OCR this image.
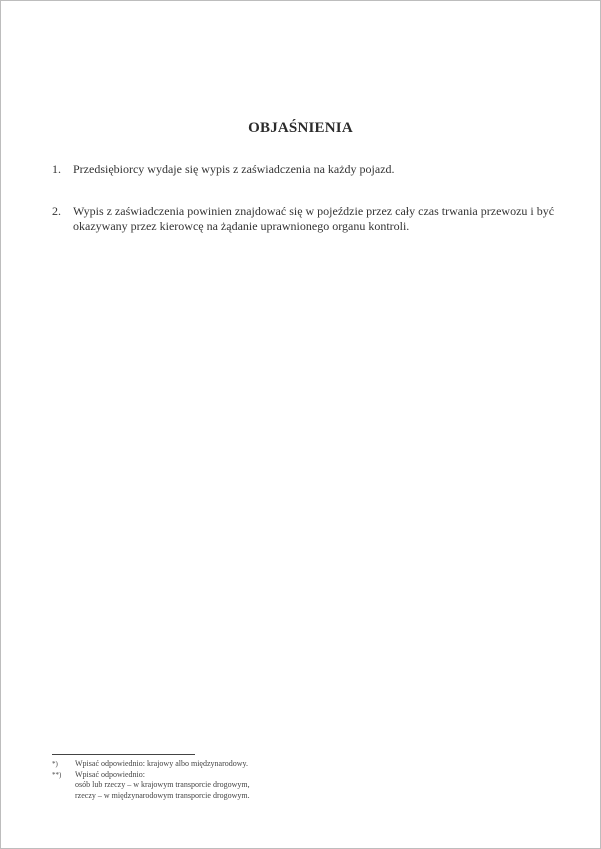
OBJAŚNIENIA
1. Przedsiębiorcy wydaje się wypis z zaświadczenia na każdy pojazd.
2. Wypis z zaświadczenia powinien znajdować się w pojeździe przez cały czas trwania przewozu i być okazywany przez kierowcę na żądanie uprawnionego organu kontroli.
*) Wpisać odpowiednio: krajowy albo międzynarodowy.
**) Wpisać odpowiednio:
osób lub rzeczy – w krajowym transporcie drogowym,
rzeczy – w międzynarodowym transporcie drogowym.
